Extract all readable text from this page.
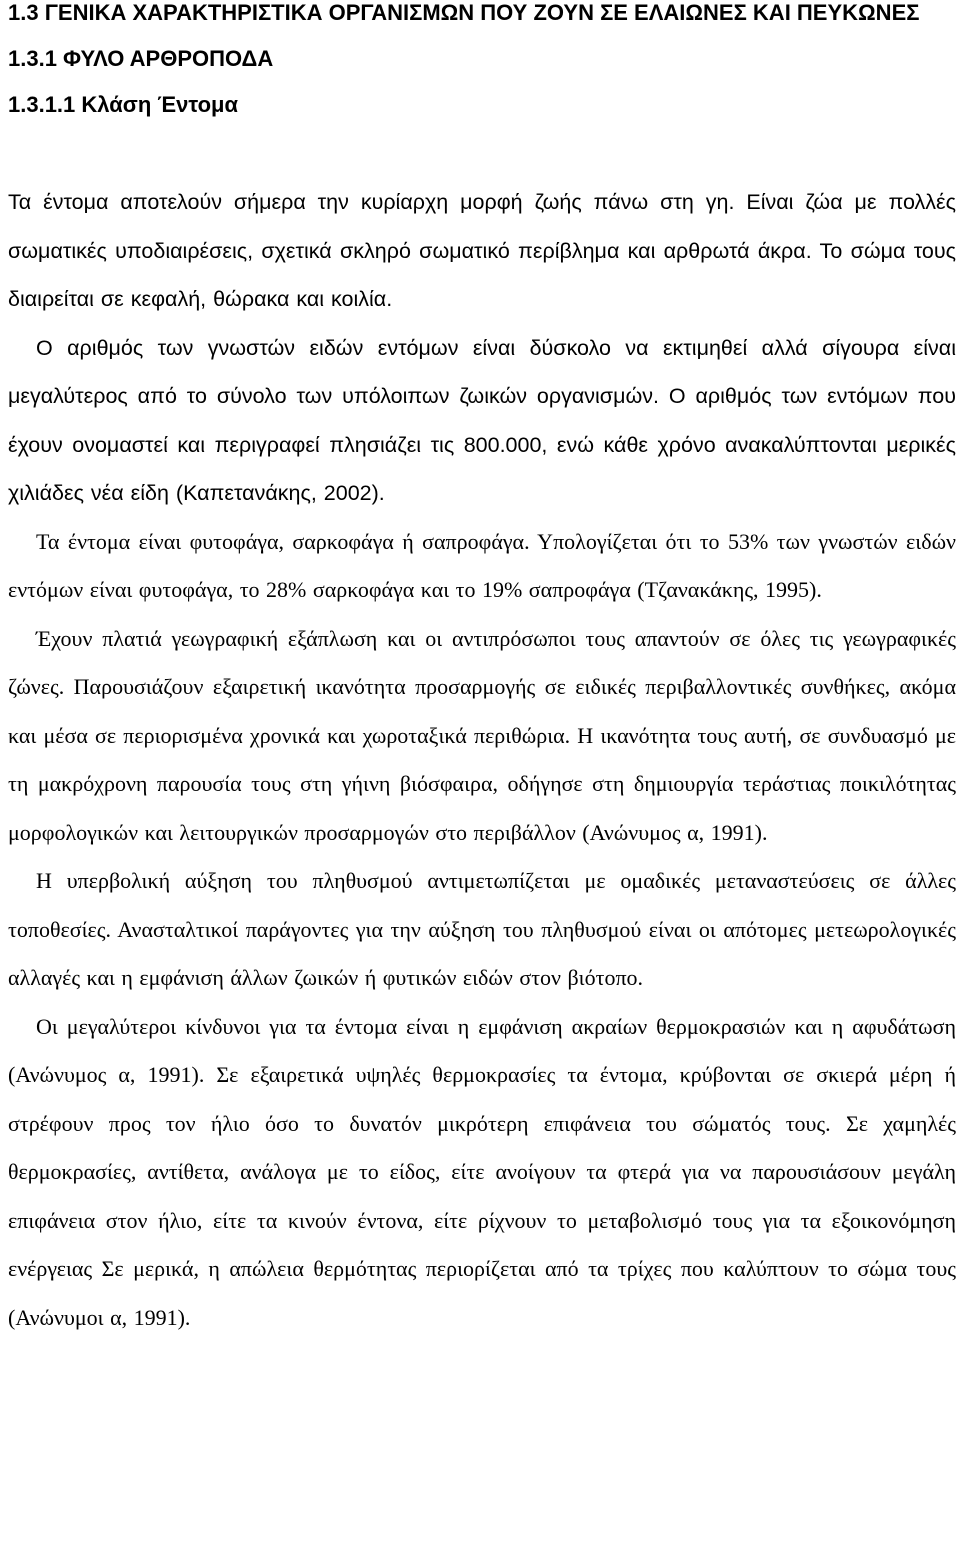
1.3 ΓΕΝΙΚΑ ΧΑΡΑΚΤΗΡΙΣΤΙΚΑ ΟΡΓΑΝΙΣΜΩΝ ΠΟΥ ΖΟΥΝ ΣΕ ΕΛΑΙΩΝΕΣ ΚΑΙ ΠΕΥΚΩΝΕΣ

1.3.1 ΦΥΛΟ ΑΡΘΡΟΠΟΔΑ

1.3.1.1 Κλάση Έντομα

Τα έντομα αποτελούν σήμερα την κυρίαρχη μορφή ζωής πάνω στη γη. Είναι ζώα με πολλές σωματικές υποδιαιρέσεις, σχετικά σκληρό σωματικό περίβλημα και αρθρωτά άκρα. Το σώμα τους διαιρείται σε κεφαλή, θώρακα και κοιλία.

Ο αριθμός των γνωστών ειδών εντόμων είναι δύσκολο να εκτιμηθεί αλλά σίγουρα είναι μεγαλύτερος από το σύνολο των υπόλοιπων ζωικών οργανισμών. Ο αριθμός των εντόμων που έχουν ονομαστεί και περιγραφεί πλησιάζει τις 800.000, ενώ κάθε χρόνο ανακαλύπτονται μερικές χιλιάδες νέα είδη (Καπετανάκης, 2002).

Τα έντομα είναι φυτοφάγα, σαρκοφάγα ή σαπροφάγα. Υπολογίζεται ότι το 53% των γνωστών ειδών εντόμων είναι φυτοφάγα, το 28% σαρκοφάγα και το 19% σαπροφάγα (Τζανακάκης, 1995).

Έχουν πλατιά γεωγραφική εξάπλωση και οι αντιπρόσωποι τους απαντούν σε όλες τις γεωγραφικές ζώνες. Παρουσιάζουν εξαιρετική ικανότητα προσαρμογής σε ειδικές περιβαλλοντικές συνθήκες, ακόμα και μέσα σε περιορισμένα χρονικά και χωροταξικά περιθώρια. Η ικανότητα τους αυτή, σε συνδυασμό με τη μακρόχρονη παρουσία τους στη γήινη βιόσφαιρα, οδήγησε στη δημιουργία τεράστιας ποικιλότητας μορφολογικών και λειτουργικών προσαρμογών στο περιβάλλον (Ανώνυμος α, 1991).

Η υπερβολική αύξηση του πληθυσμού αντιμετωπίζεται με ομαδικές μεταναστεύσεις σε άλλες τοποθεσίες. Ανασταλτικοί παράγοντες για την αύξηση του πληθυσμού είναι οι απότομες μετεωρολογικές αλλαγές και η εμφάνιση άλλων ζωικών ή φυτικών ειδών στον βιότοπο.

Οι μεγαλύτεροι κίνδυνοι για τα έντομα είναι η εμφάνιση ακραίων θερμοκρασιών και η αφυδάτωση (Ανώνυμος α, 1991). Σε εξαιρετικά υψηλές θερμοκρασίες τα έντομα, κρύβονται σε σκιερά μέρη ή στρέφουν προς τον ήλιο όσο το δυνατόν μικρότερη επιφάνεια του σώματός τους. Σε χαμηλές θερμοκρασίες, αντίθετα, ανάλογα με το είδος, είτε ανοίγουν τα φτερά για να παρουσιάσουν μεγάλη επιφάνεια στον ήλιο, είτε τα κινούν έντονα, είτε ρίχνουν το μεταβολισμό τους για τα εξοικονόμηση ενέργειας Σε μερικά, η απώλεια θερμότητας περιορίζεται από τα τρίχες που καλύπτουν το σώμα τους (Ανώνυμοι α, 1991).
